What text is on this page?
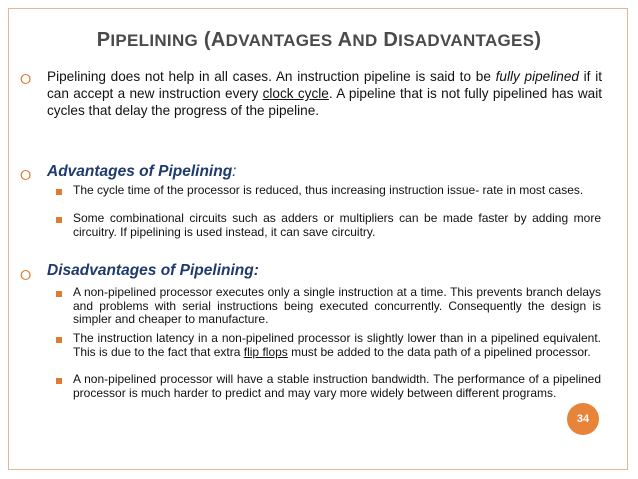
PIPELINING (ADVANTAGES AND DISADVANTAGES)
⭘ Pipelining does not help in all cases. An instruction pipeline is said to be fully pipelined if it can accept a new instruction every clock cycle. A pipeline that is not fully pipelined has wait cycles that delay the progress of the pipeline.
⭘ Advantages of Pipelining:
The cycle time of the processor is reduced, thus increasing instruction issue- rate in most cases.
Some combinational circuits such as adders or multipliers can be made faster by adding more circuitry. If pipelining is used instead, it can save circuitry.
⭘ Disadvantages of Pipelining:
A non-pipelined processor executes only a single instruction at a time. This prevents branch delays and problems with serial instructions being executed concurrently. Consequently the design is simpler and cheaper to manufacture.
The instruction latency in a non-pipelined processor is slightly lower than in a pipelined equivalent. This is due to the fact that extra flip flops must be added to the data path of a pipelined processor.
A non-pipelined processor will have a stable instruction bandwidth. The performance of a pipelined processor is much harder to predict and may vary more widely between different programs.
34
